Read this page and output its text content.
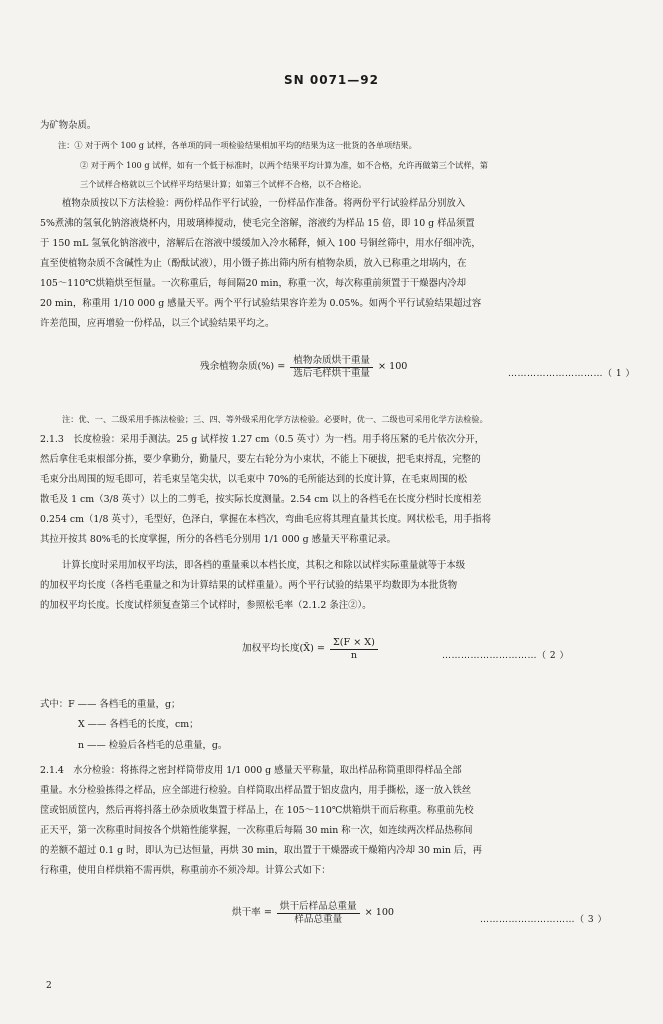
SN 0071—92
为矿物杂质。
注：① 对于两个 100 g 试样，各单项的同一项检验结果相加平均的结果为这一批货的各单项结果。
② 对于两个 100 g 试样，如有一个低于标准时，以两个结果平均计算为准，如不合格，允许再做第三个试样，第
三个试样合格就以三个试样平均结果计算；如第三个试样不合格，以不合格论。
植物杂质按以下方法检验：两份样品作平行试验，一份样品作准备。将两份平行试验样品分别放入
5%煮沸的氢氧化钠溶液烧杯内，用玻璃棒搅动，使毛完全溶解，溶液约为样品 15 倍，即 10 g 样品须置
于 150 mL 氢氧化钠溶液中，溶解后在溶液中缓缓加入冷水稀释，倾入 100 号铜丝筛中，用水仔细冲洗，
直至使植物杂质不含碱性为止（酚酞试液），用小镊子拣出筛内所有植物杂质，放入已称重之坩埚内，在
105～110℃烘箱烘至恒量。一次称重后，每间隔20 min，称重一次，每次称重前须置于干燥器内冷却
20 min，称重用 1/10 000 g 感量天平。两个平行试验结果容许差为 0.05%。如两个平行试验结果超过容
许差范围，应再增验一份样品，以三个试验结果平均之。
残余植物杂质(%) = $\frac{\text{植物杂质烘干重量}}{\text{选后毛样烘干重量}} \times 100$
…………………………（ 1 ）
注：优、一、二级采用手拣法检验；三、四、等外级采用化学方法检验。必要时，优一、二级也可采用化学方法检验。
2.1.3　长度检验：采用手测法。25 g 试样按 1.27 cm（0.5 英寸）为一档。用手将压紧的毛片依次分开，
然后拿住毛束根部分拣，要少拿勤分，勤量尺，要左右轮分为小束状，不能上下硬拔，把毛束捋乱，完整的
毛束分出周围的短毛即可，若毛束呈笔尖状，以毛束中 70%的毛所能达到的长度计算，在毛束周围的松
散毛及 1 cm（3/8 英寸）以上的二剪毛，按实际长度测量。2.54 cm 以上的各档毛在长度分档时长度相差
0.254 cm（1/8 英寸），毛型好，色泽白，掌握在本档次，弯曲毛应将其理直量其长度。网状松毛，用手指将
其拉开按其 80%毛的长度掌握，所分的各档毛分别用 1/1 000 g 感量天平称重记录。
计算长度时采用加权平均法，即各档的重量乘以本档长度，其积之和除以试样实际重量就等于本级
的加权平均长度（各档毛重量之和为计算结果的试样重量）。两个平行试验的结果平均数即为本批货物
的加权平均长度。长度试样须复查第三个试样时，参照松毛率（2.1.2 条注②）。
加权平均长度(X̄) = $\frac{\Sigma(F \times X)}{n}$	…………………………（ 2 ）
式中：F —— 各档毛的重量，g；
X —— 各档毛的长度，cm；
n —— 检验后各档毛的总重量，g。
2.1.4　水分检验：将拣得之密封样筒带皮用 1/1 000 g 感量天平称量，取出样品称筒重即得样品全部
重量。水分检验拣得之样品，应全部进行检验。自样筒取出样品置于铝皮盘内，用手撕松，逐一放入铁丝
筐或铝质筐内，然后再将抖落土砂杂质收集置于样品上，在 105～110℃烘箱烘干而后称重。称重前先校
正天平，第一次称重时间按各个烘箱性能掌握，一次称重后每隔 30 min 称一次，如连续两次样品热称间
的差额不超过 0.1 g 时，即认为已达恒量，再烘 30 min，取出置于干燥器或干燥箱内冷却 30 min 后，再
行称重，使用自样烘箱不需再烘，称重前亦不须冷却。计算公式如下：
烘干率 = $\frac{\text{烘干后样品总重量}}{\text{样品总重量}} \times 100$
…………………………（ 3 ）
2
